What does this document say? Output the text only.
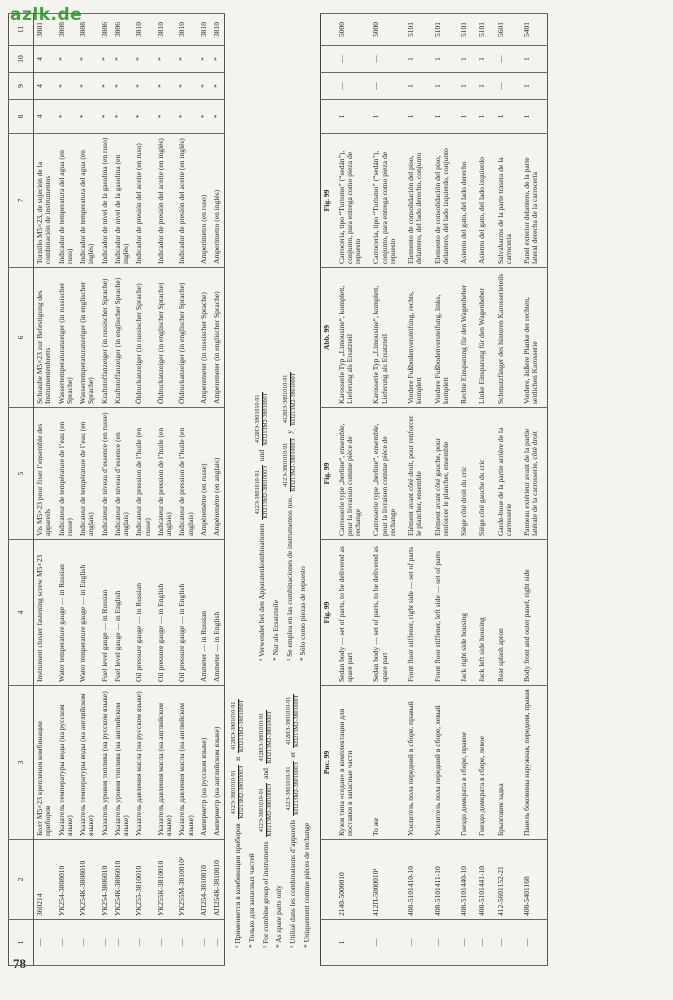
azlk.de
78
1	2	3	4	5	6	7	8	9	10	11
—	360214	Болт М5×23 крепления комбинации приборов	Instrument cluster fastening screw М5×23	Vis M5×23 pour fixer l’ensemble des appareils	Schraube M5×23 zur Befestigung des Instrumentenbretts	Tornillo M5×23, de sujeción de la combinación de instrumentos	4	4	4	3801
—	УК254-3808010	Указатель температуры воды (на русском языке)	Water temperature gauge — in Russian	Indicateur de température de l’eau (en russe)	Wassertemperaturanzeiger (in russischer Sprache)	Indicador de temperatura del agua (en ruso)	*	*	*	3808
—	УК254К-3808010	Указатель температуры воды (на английском языке)	Water temperature gauge — in English	Indicateur de température de l’eau (en anglais)	Wassertemperaturanzeiger (in englischer Sprache)	Indicador de temperatura del agua (en inglés)	*	*	*	3808
—	УК254-3806010	Указатель уровня топлива (на русском языке)	Fuel level gauge — in Russian	Indicateur de niveau d’essence (en russe)	Kraftstoffanzeiger (in russischer Sprache)	Indicador de nivel de la gasolina (en ruso)	*	*	*	3806
—	УК254К-3806010	Указатель уровня топлива (на английском языке)	Fuel level gauge — in English	Indicateur de niveau d’essence (en anglais)	Kraftstoffanzeiger (in englischer Sprache)	Indicador de nivel de la gasolina (en inglés)	*	*	*	3806
—	УК255-3810010	Указатель давления масла (на русском языке)	Oil pressure gauge — in Russian	Indicateur de pression de l’huile (en russe)	Öldruckanzeiger (in russischer Sprache)	Indicador de presión del aceite (en ruso)	*	*	*	3810
—	УК255К-3810010	Указатель давления масла (на английском языке)	Oil pressure gauge — in English	Indicateur de pression de l’huile (en anglais)	Öldruckanzeiger (in englischer Sprache)	Indicador de presión del aceite (en inglés)	*	*	*	3810
—	УК255М-3810010¹	Указатель давления масла (на английском языке)	Oil pressure gauge — in English	Indicateur de pression de l’huile (en anglais)	Öldruckanzeiger (in englischer Sprache)	Indicador de presión del aceite (en inglés)	*	*	*	3810
—	АП254-3810010	Амперметр (на русском языке)	Ammeter — in Russian	Ampèremètre (en russe)	Amperemeter (in russischer Sprache)	Amperímetro (en ruso)	*	*	*	3810
—	АП254К-3810010	Амперметр (на английском языке)	Ammeter — in English	Ampèremètre (en anglais)	Amperemeter (in englischer Sprache)	Amperímetro (en inglés)	*	*	*	3810
¹ Применяется в комбинации приборов
412Э-3801010-91 КП213М2-3801000Э
и
412ИЭ-3801010-91 КП213М2-3801000Т
* Только для запасных частей ¹ For combine group of instruments
412Э-3801010-91 КП213М2-3801000Э
and
412ИЭ-3801010-91 КП213М2-3801000Т
* As spare parts only ¹ Utilisé dans les combinaisons d’appareils
412Э-3801010-91 КП213М2-3801000Э
et
412ИЭ-3801010-91 КП213М2-3801000Т
* Uniquement comme pièces de rechange
¹ Verwendet bei den Apparatenkombinationen
412Э-3801010-91 КП213М2-3801000Э
und
412ИЭ-3801010-91 КП213М2-3801000Т
* Nur als Ersatzteile ¹ Se emplea en las combinaciones de instrumentos nos.
412Э-3801010-91 КП213М2-3801000Э
y
412ИЭ-3801010-91 КП213М2-3801000Т
* Sólo como piezas de repuesto
		Рис. 99	Fig. 99	Fig. 99	Abb. 99	Fig. 99				
1	2140-5000010	Кузов типа «седан» в комплектации для поставки в запасные части	Sedan body — set of parts, to be delivered as spare part	Carrosserie type „berline“, ensemble, pour la livraison comme pièce de rechange	Karosserie Typ „Limousine“, komplett, Lieferung als Ersatzteil	Carrocería, tipo “Turismo” (“sedán”), conjunto, para entrega como pieza de repuesto	1	—	—	5000
—	412П-5000010¹	То же	Sedan body — set of parts, to be delivered as spare part	Carrosserie type „berline“, ensemble, pour la livraison comme pièce de rechange	Karosserie Typ „Limousine“, komplett, Lieferung als Ersatzteil	Carrocería, tipo “Turismo” (“sedán”), conjunto, para entrega como pieza de repuesto	1	—	—	5000
—	408-5101410-10	Усилитель пола передний в сборе, правый	Front floor stiffener, right side — set of parts	Elément avant côté droit, pour renforcer le plancher, ensemble	Vordere Fußbodenversteifung, rechts, komplett	Elemento de consolidación del piso, delantero, del lado derecho, conjunto	1	1	1	5101
—	408-5101411-10	Усилитель пола передний в сборе, левый	Front floor stiffener, left side — set of parts	Elément avant côté gauche, pour renforcer le plancher, ensemble	Vordere Fußbodenversteifung, links, komplett	Elemento de consolidación del piso, delantero, del lado izquierdo, conjunto	1	1	1	5101
—	408-5101440-10	Гнездо домкрата в сборе, правое	Jack right side housing	Siège côté droit du cric	Rechte Einsparung für den Wagenheber	Asiento del gato, del lado derecho	1	1	1	5101
—	408-5101441-10	Гнездо домкрата в сборе, левое	Jack left side housing	Siège côté gauche du cric	Linke Einsparung für den Wagenheber	Asiento del gato, del lado izquierdo	1	1	1	5101
—	412-5601152-21	Брызговик задка	Rear splash apron	Garde-boue de la partie arrière de la carrosserie	Schmutzfänger des hinteren Karosserieteils	Salvabarros de la parte trasera de la carrocería	1	—	—	5601
—	408-5401168	Панель боковины наружная, передняя, правая	Body front and outer panel, right side	Panneau extérieur avant de la partie latérale de la carrosserie, côté droit	Vordere, äußere Planke der rechten, seitlichen Karosserie	Panel exterior delantero, de la parte lateral derecha de la carrocería	1	1	1	5401
